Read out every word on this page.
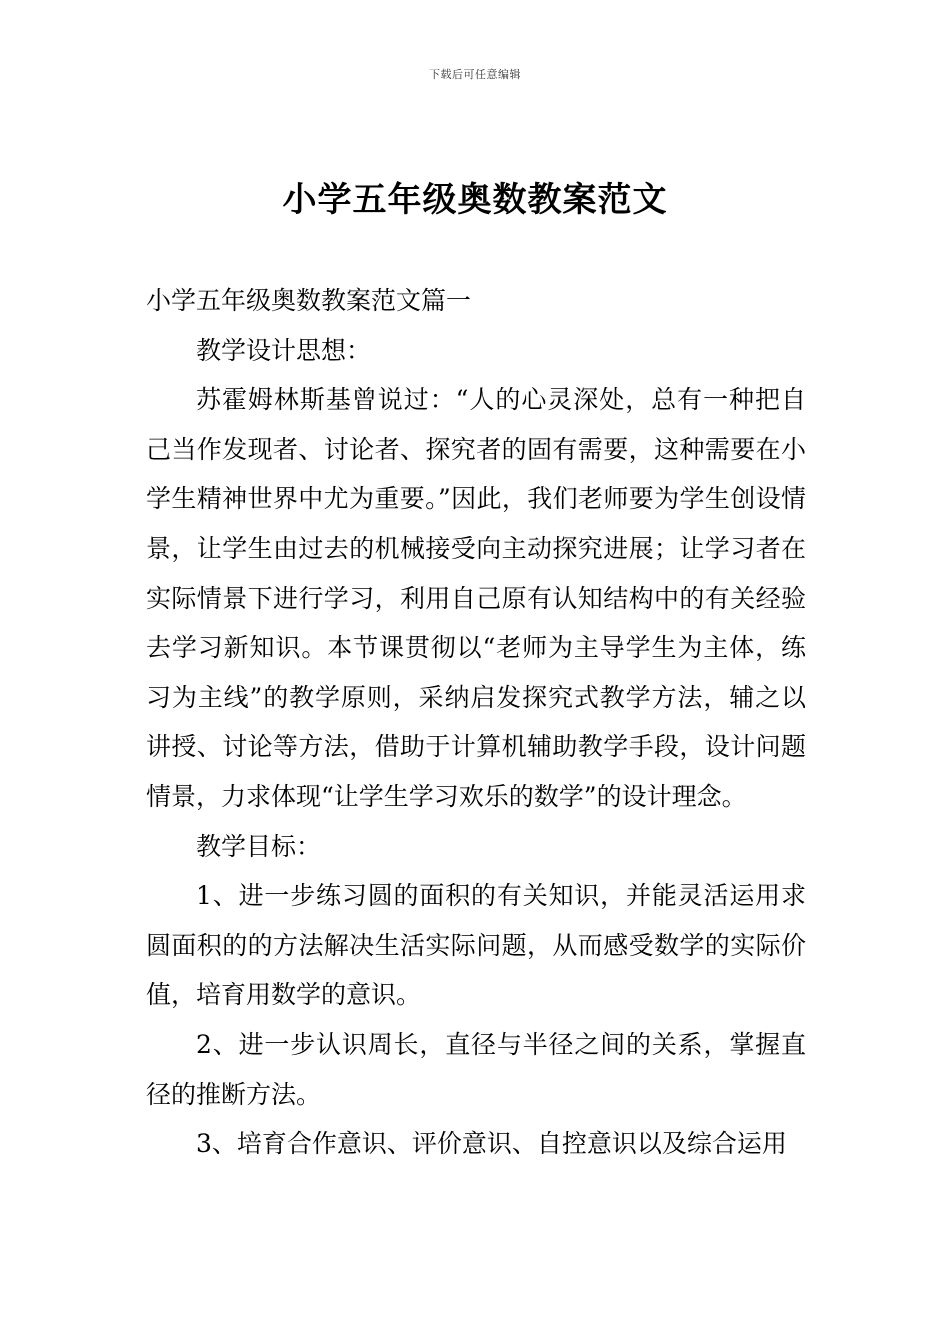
下载后可任意编辑
小学五年级奥数教案范文

小学五年级奥数教案范文篇一

教学设计思想：

苏霍姆林斯基曾说过：“人的心灵深处，总有一种把自己当作发现者、讨论者、探究者的固有需要，这种需要在小学生精神世界中尤为重要。”因此，我们老师要为学生创设情景，让学生由过去的机械接受向主动探究进展；让学习者在实际情景下进行学习，利用自己原有认知结构中的有关经验去学习新知识。本节课贯彻以“老师为主导学生为主体，练习为主线”的教学原则，采纳启发探究式教学方法，辅之以讲授、讨论等方法，借助于计算机辅助教学手段，设计问题情景，力求体现“让学生学习欢乐的数学”的设计理念。

教学目标：

1、进一步练习圆的面积的有关知识，并能灵活运用求圆面积的的方法解决生活实际问题，从而感受数学的实际价值，培育用数学的意识。

2、进一步认识周长，直径与半径之间的关系，掌握直径的推断方法。

3、培育合作意识、评价意识、自控意识以及综合运用
